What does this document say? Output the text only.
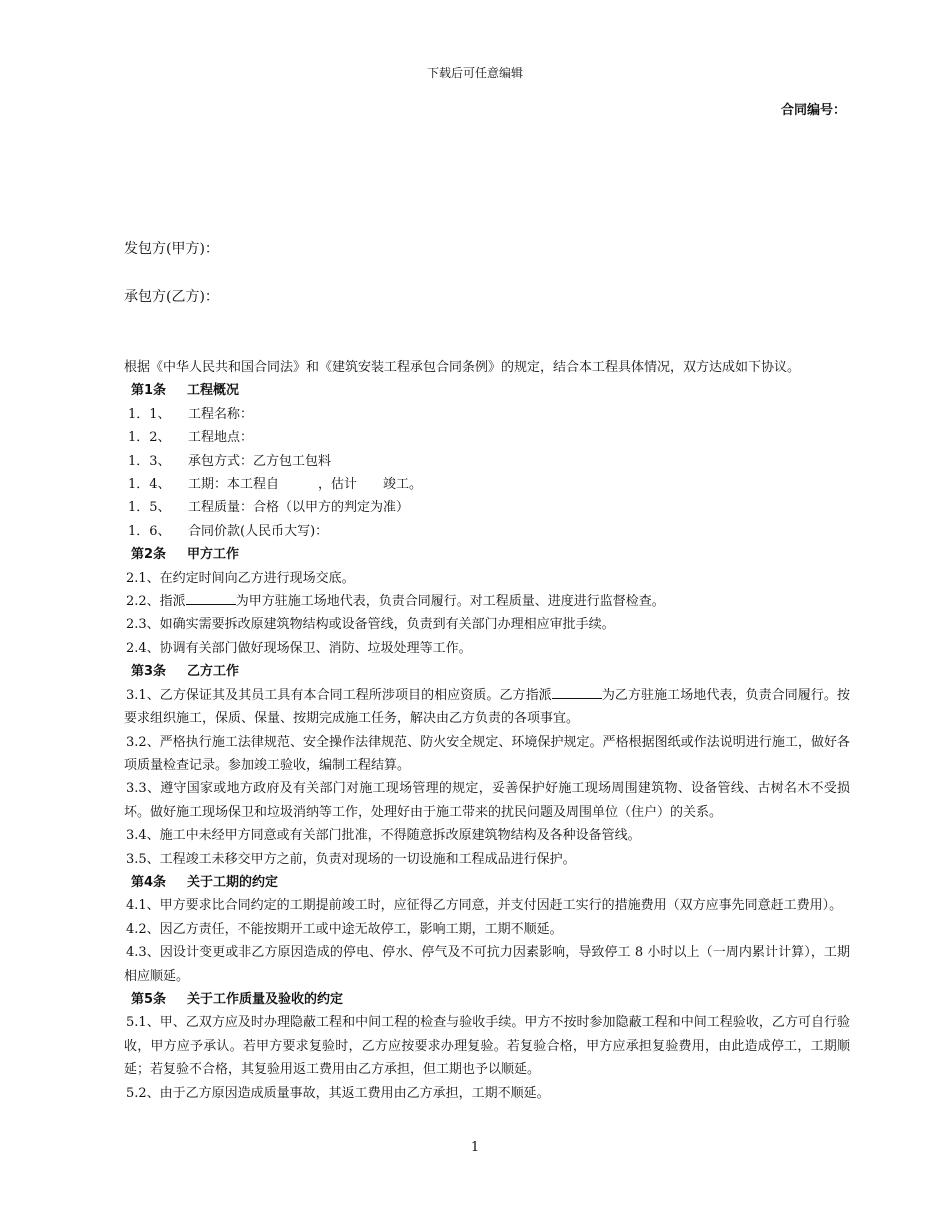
下载后可任意编辑
合同编号：
发包方(甲方)：
承包方(乙方)：

根据《中华人民共和国合同法》和《建筑安装工程承包合同条例》的规定，结合本工程具体情况，双方达成如下协议。

第1条 工程概况

1．1、 工程名称：

1．2、 工程地点：

1．3、 承包方式：乙方包工包料

1．4、 工期：本工程自　　　，估计　　竣工。

1．5、 工程质量：合格（以甲方的判定为准）

1．6、 合同价款(人民币大写)：

第2条 甲方工作

2.1、在约定时间向乙方进行现场交底。

2.2、指派	为甲方驻施工场地代表，负责合同履行。对工程质量、进度进行监督检查。

2.3、如确实需要拆改原建筑物结构或设备管线，负责到有关部门办理相应审批手续。

2.4、协调有关部门做好现场保卫、消防、垃圾处理等工作。

第3条 乙方工作

3.1、乙方保证其及其员工具有本合同工程所涉项目的相应资质。乙方指派	为乙方驻施工场地代表，负责合同履行。按要求组织施工，保质、保量、按期完成施工任务，解决由乙方负责的各项事宜。

3.2、严格执行施工法律规范、安全操作法律规范、防火安全规定、环境保护规定。严格根据图纸或作法说明进行施工，做好各项质量检查记录。参加竣工验收，编制工程结算。

3.3、遵守国家或地方政府及有关部门对施工现场管理的规定，妥善保护好施工现场周围建筑物、设备管线、古树名木不受损坏。做好施工现场保卫和垃圾消纳等工作，处理好由于施工带来的扰民问题及周围单位（住户）的关系。

3.4、施工中未经甲方同意或有关部门批准，不得随意拆改原建筑物结构及各种设备管线。

3.5、工程竣工未移交甲方之前，负责对现场的一切设施和工程成品进行保护。

第4条 关于工期的约定

4.1、甲方要求比合同约定的工期提前竣工时，应征得乙方同意，并支付因赶工实行的措施费用（双方应事先同意赶工费用）。

4.2、因乙方责任，不能按期开工或中途无故停工，影响工期，工期不顺延。

4.3、因设计变更或非乙方原因造成的停电、停水、停气及不可抗力因素影响，导致停工 8 小时以上（一周内累计计算），工期相应顺延。

第5条 关于工作质量及验收的约定

5.1、甲、乙双方应及时办理隐蔽工程和中间工程的检查与验收手续。甲方不按时参加隐蔽工程和中间工程验收，乙方可自行验收，甲方应予承认。若甲方要求复验时，乙方应按要求办理复验。若复验合格，甲方应承担复验费用，由此造成停工，工期顺延；若复验不合格，其复验用返工费用由乙方承担，但工期也予以顺延。

5.2、由于乙方原因造成质量事故，其返工费用由乙方承担，工期不顺延。

1
